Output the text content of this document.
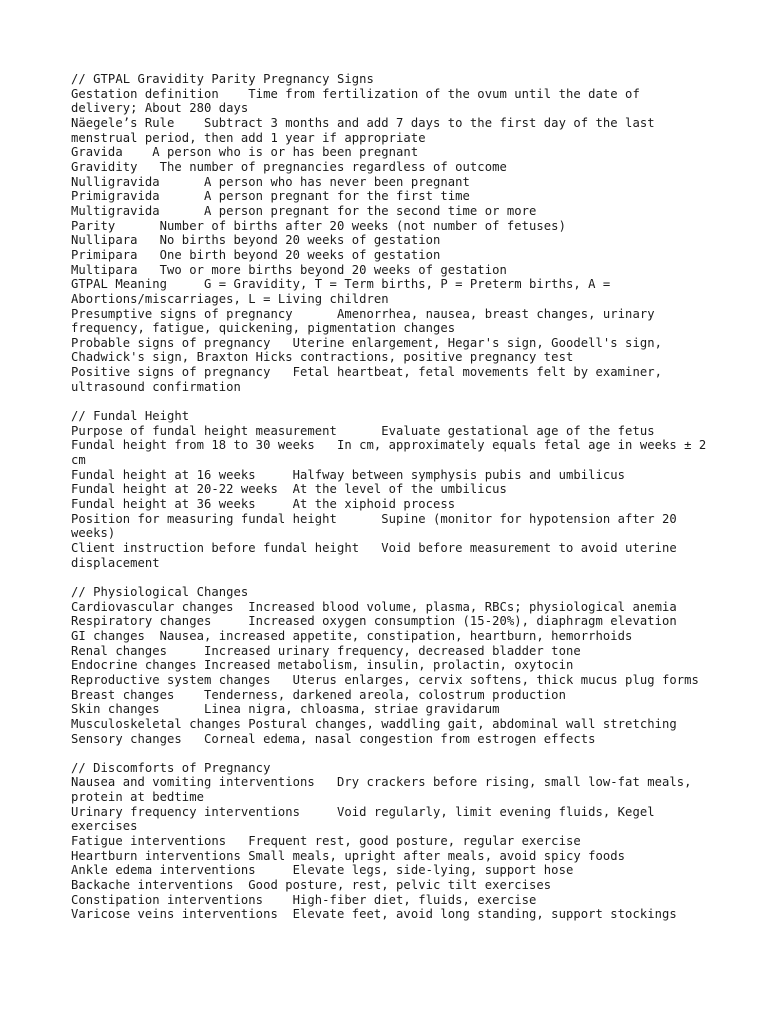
// GTPAL Gravidity Parity Pregnancy Signs
Gestation definition    Time from fertilization of the ovum until the date of delivery; About 280 days
Näegele’s Rule    Subtract 3 months and add 7 days to the first day of the last menstrual period, then add 1 year if appropriate
Gravida    A person who is or has been pregnant
Gravidity   The number of pregnancies regardless of outcome
Nulligravida      A person who has never been pregnant
Primigravida      A person pregnant for the first time
Multigravida      A person pregnant for the second time or more
Parity      Number of births after 20 weeks (not number of fetuses)
Nullipara   No births beyond 20 weeks of gestation
Primipara   One birth beyond 20 weeks of gestation
Multipara   Two or more births beyond 20 weeks of gestation
GTPAL Meaning     G = Gravidity, T = Term births, P = Preterm births, A = Abortions/miscarriages, L = Living children
Presumptive signs of pregnancy      Amenorrhea, nausea, breast changes, urinary frequency, fatigue, quickening, pigmentation changes
Probable signs of pregnancy   Uterine enlargement, Hegar's sign, Goodell's sign, Chadwick's sign, Braxton Hicks contractions, positive pregnancy test
Positive signs of pregnancy   Fetal heartbeat, fetal movements felt by examiner, ultrasound confirmation
// Fundal Height
Purpose of fundal height measurement      Evaluate gestational age of the fetus
Fundal height from 18 to 30 weeks   In cm, approximately equals fetal age in weeks ± 2 cm
Fundal height at 16 weeks     Halfway between symphysis pubis and umbilicus
Fundal height at 20-22 weeks  At the level of the umbilicus
Fundal height at 36 weeks     At the xiphoid process
Position for measuring fundal height      Supine (monitor for hypotension after 20 weeks)
Client instruction before fundal height   Void before measurement to avoid uterine displacement
// Physiological Changes
Cardiovascular changes  Increased blood volume, plasma, RBCs; physiological anemia
Respiratory changes     Increased oxygen consumption (15-20%), diaphragm elevation
GI changes  Nausea, increased appetite, constipation, heartburn, hemorrhoids
Renal changes     Increased urinary frequency, decreased bladder tone
Endocrine changes Increased metabolism, insulin, prolactin, oxytocin
Reproductive system changes   Uterus enlarges, cervix softens, thick mucus plug forms
Breast changes    Tenderness, darkened areola, colostrum production
Skin changes      Linea nigra, chloasma, striae gravidarum
Musculoskeletal changes Postural changes, waddling gait, abdominal wall stretching
Sensory changes   Corneal edema, nasal congestion from estrogen effects
// Discomforts of Pregnancy
Nausea and vomiting interventions   Dry crackers before rising, small low-fat meals, protein at bedtime
Urinary frequency interventions     Void regularly, limit evening fluids, Kegel exercises
Fatigue interventions   Frequent rest, good posture, regular exercise
Heartburn interventions Small meals, upright after meals, avoid spicy foods
Ankle edema interventions     Elevate legs, side-lying, support hose
Backache interventions  Good posture, rest, pelvic tilt exercises
Constipation interventions    High-fiber diet, fluids, exercise
Varicose veins interventions  Elevate feet, avoid long standing, support stockings
